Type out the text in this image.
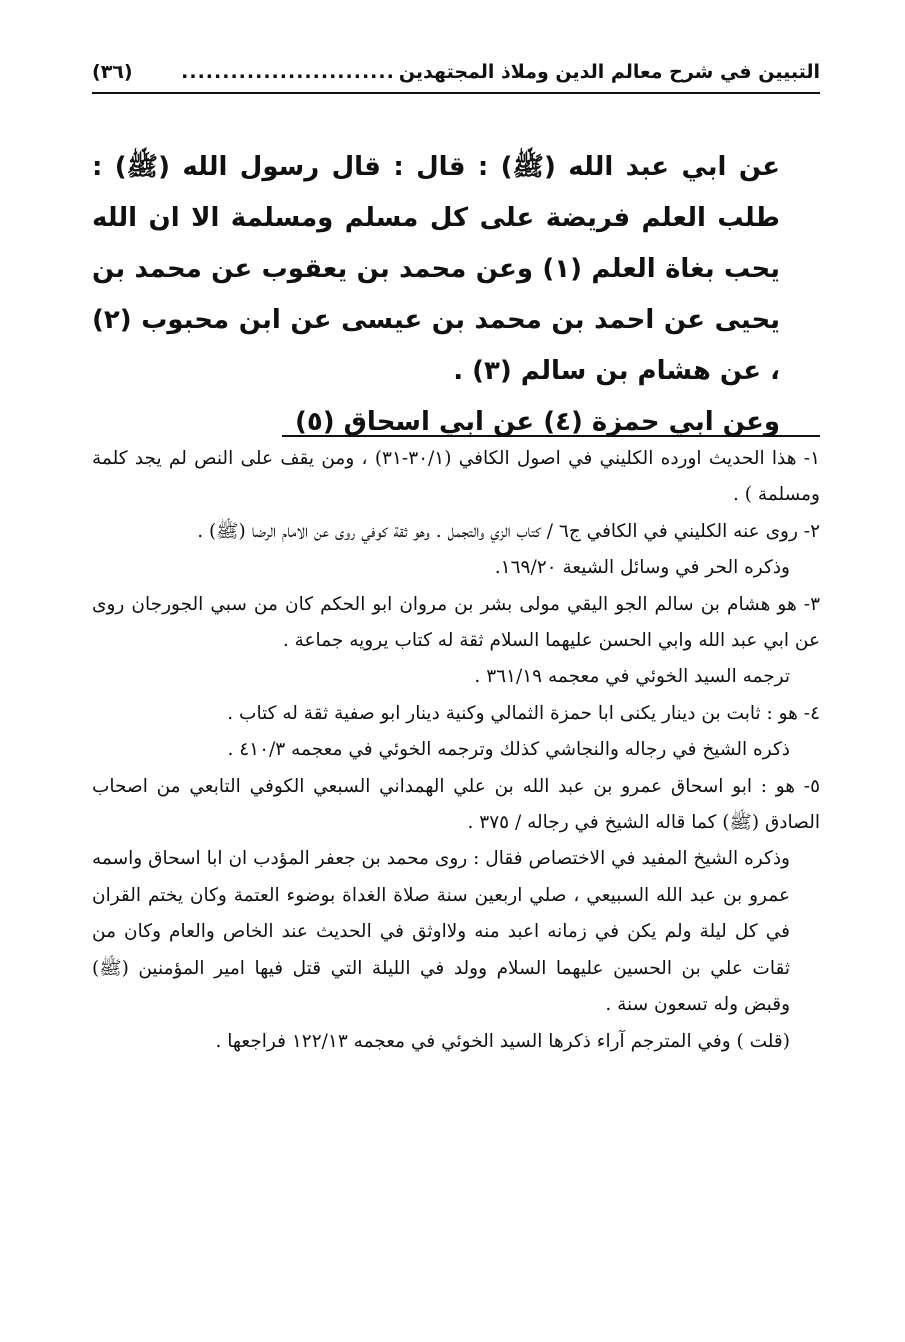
التبيين في شرح معالم الدين وملاذ المجتهدين
..........................
(٣٦)

عن ابي عبد الله (ﷺ) : قال : قال رسول الله (ﷺ) : طلب العلم فريضة على كل مسلم ومسلمة الا ان الله يحب بغاة العلم (١) وعن محمد بن يعقوب عن محمد بن يحيى عن احمد بن محمد بن عيسى عن ابن محبوب (٢) ، عن هشام بن سالم (٣) .

وعن ابي حمزة (٤) عن ابي اسحاق (٥)

١- هذا الحديث اورده الكليني في اصول الكافي (٣٠/١-٣١) ، ومن يقف على النص لم يجد كلمة ومسلمة ) .

٢- روى عنه الكليني في الكافي ج٦ / كتاب الزي والتجمل . وهو ثقة كوفي روى عن الامام الرضا (ﷺ) .

وذكره الحر في وسائل الشيعة ١٦٩/٢٠.

٣- هو هشام بن سالم الجو اليقي مولى بشر بن مروان ابو الحكم كان من سبي الجورجان روى عن ابي عبد الله وابي الحسن عليهما السلام ثقة له كتاب يرويه جماعة .

ترجمه السيد الخوئي في معجمه ٣٦١/١٩ .

٤- هو : ثابت بن دينار يكنى ابا حمزة الثمالي وكنية دينار ابو صفية ثقة له كتاب .

ذكره الشيخ في رجاله والنجاشي كذلك وترجمه الخوئي في معجمه ٤١٠/٣ .

٥- هو : ابو اسحاق عمرو بن عبد الله بن علي الهمداني السبعي الكوفي التابعي من اصحاب الصادق (ﷺ) كما قاله الشيخ في رجاله / ٣٧٥ .

وذكره الشيخ المفيد في الاختصاص فقال : روى محمد بن جعفر المؤدب ان ابا اسحاق واسمه عمرو بن عبد الله السبيعي ، صلي اربعين سنة صلاة الغداة بوضوء العتمة وكان يختم القران في كل ليلة ولم يكن في زمانه اعبد منه ولااوثق في الحديث عند الخاص والعام وكان من ثقات علي بن الحسين عليهما السلام وولد في الليلة التي قتل فيها امير المؤمنين (ﷺ) وقبض وله تسعون سنة .

(قلت ) وفي المترجم آراء ذكرها السيد الخوئي في معجمه ١٢٢/١٣ فراجعها .
